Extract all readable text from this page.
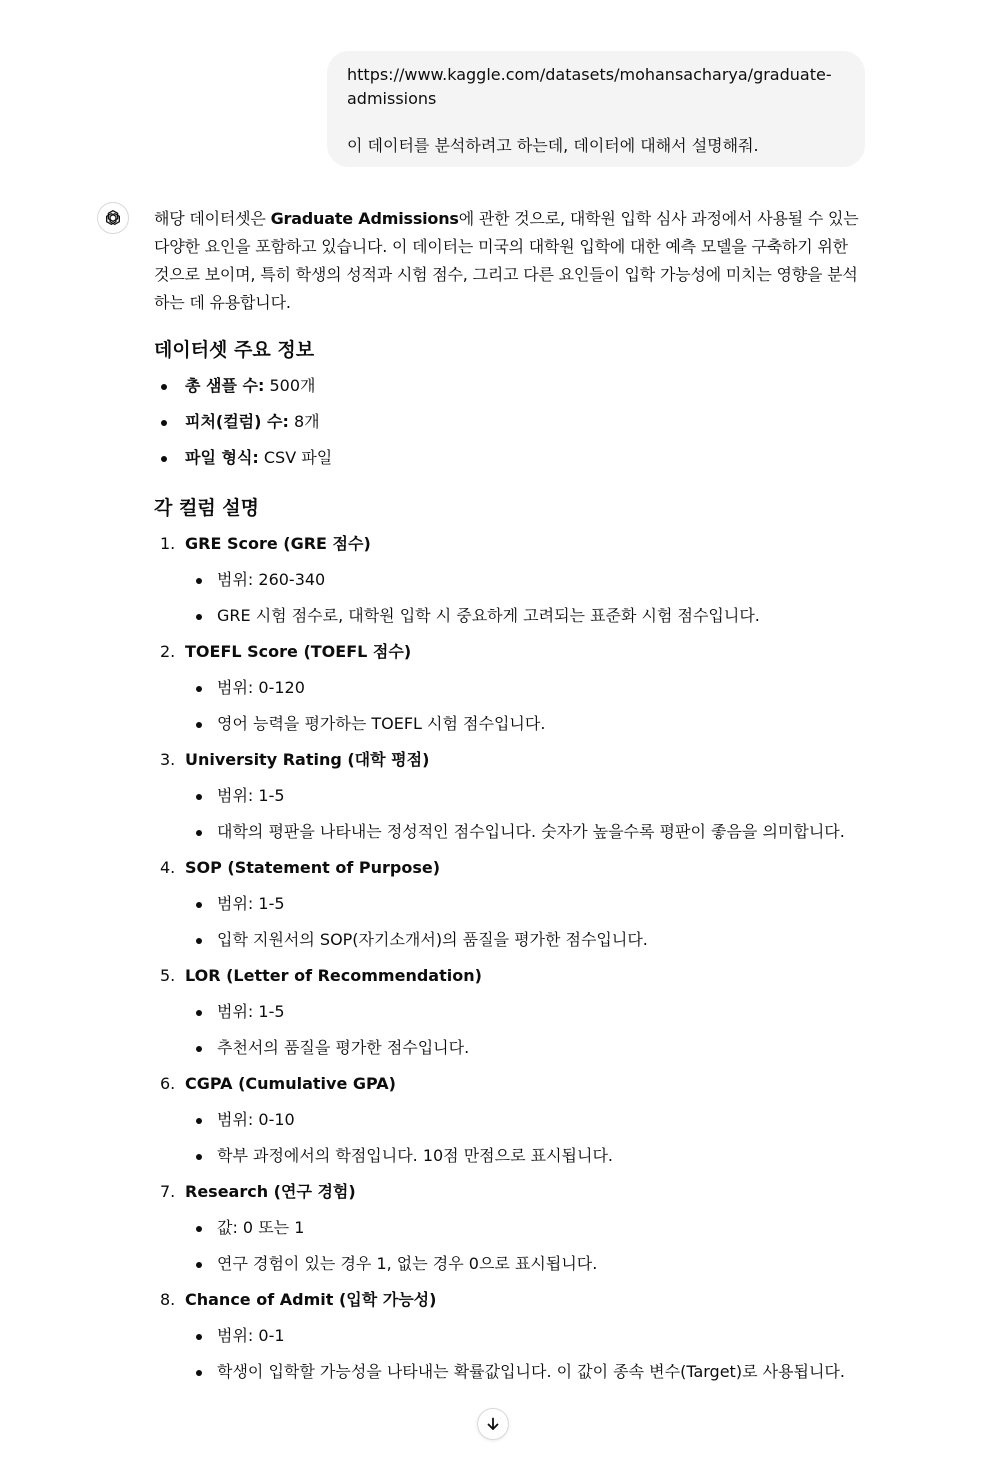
https://www.kaggle.com/datasets/mohansacharya/graduate-admissions
이 데이터를 분석하려고 하는데, 데이터에 대해서 설명해줘.

해당 데이터셋은 Graduate Admissions에 관한 것으로, 대학원 입학 심사 과정에서 사용될 수 있는 다양한 요인을 포함하고 있습니다. 이 데이터는 미국의 대학원 입학에 대한 예측 모델을 구축하기 위한 것으로 보이며, 특히 학생의 성적과 시험 점수, 그리고 다른 요인들이 입학 가능성에 미치는 영향을 분석하는 데 유용합니다.

데이터셋 주요 정보
총 샘플 수: 500개
피처(컬럼) 수: 8개
파일 형식: CSV 파일
각 컬럼 설명
1. GRE Score (GRE 점수)
범위: 260-340
GRE 시험 점수로, 대학원 입학 시 중요하게 고려되는 표준화 시험 점수입니다.
2. TOEFL Score (TOEFL 점수)
범위: 0-120
영어 능력을 평가하는 TOEFL 시험 점수입니다.
3. University Rating (대학 평점)
범위: 1-5
대학의 평판을 나타내는 정성적인 점수입니다. 숫자가 높을수록 평판이 좋음을 의미합니다.
4. SOP (Statement of Purpose)
범위: 1-5
입학 지원서의 SOP(자기소개서)의 품질을 평가한 점수입니다.
5. LOR (Letter of Recommendation)
범위: 1-5
추천서의 품질을 평가한 점수입니다.
6. CGPA (Cumulative GPA)
범위: 0-10
학부 과정에서의 학점입니다. 10점 만점으로 표시됩니다.
7. Research (연구 경험)
값: 0 또는 1
연구 경험이 있는 경우 1, 없는 경우 0으로 표시됩니다.
8. Chance of Admit (입학 가능성)
범위: 0-1
학생이 입학할 가능성을 나타내는 확률값입니다. 이 값이 종속 변수(Target)로 사용됩니다.
